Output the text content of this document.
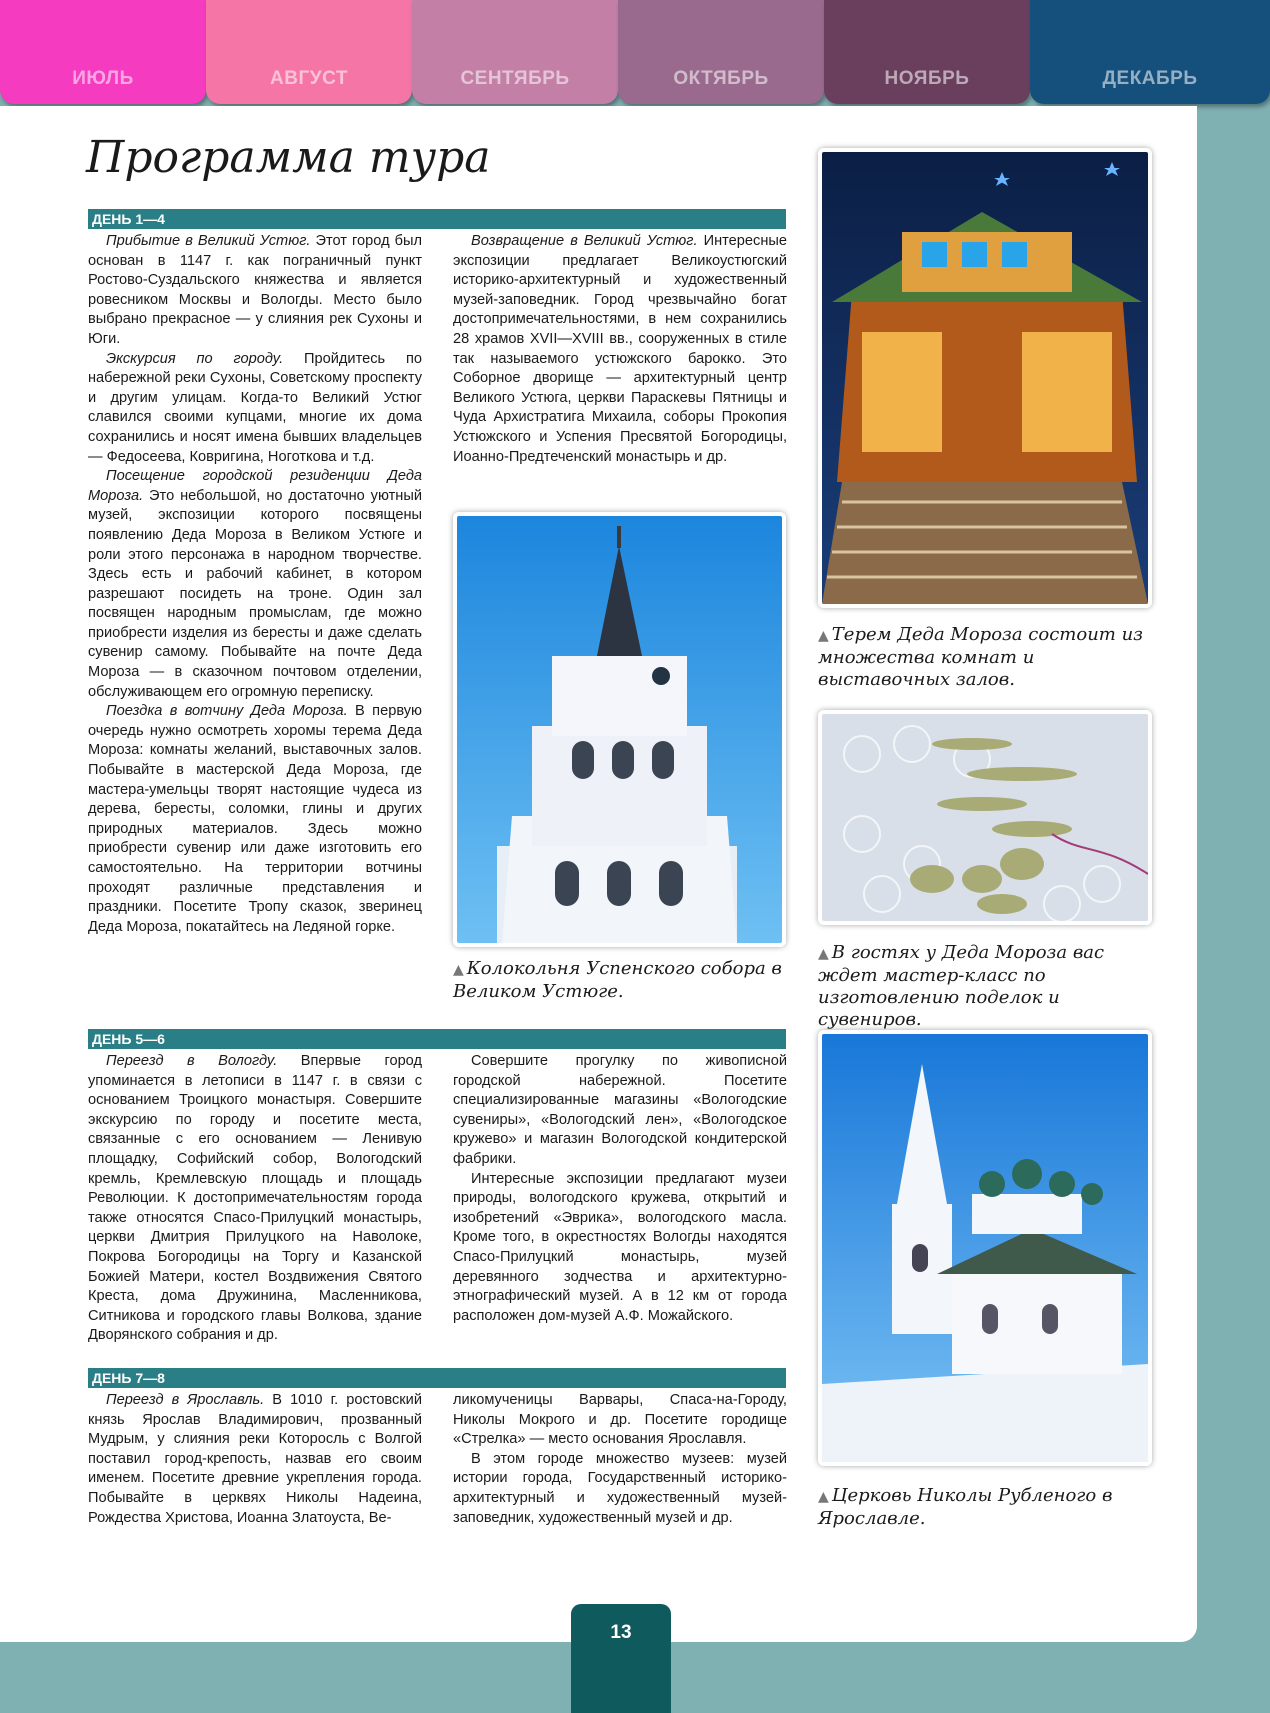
ИЮЛЬ	АВГУСТ	СЕНТЯБРЬ	ОКТЯБРЬ	НОЯБРЬ	ДЕКАБРЬ
Программа тура
ДЕНЬ 1—4

Прибытие в Великий Устюг. Этот город был основан в 1147 г. как пограничный пункт Ростово-Суздальского княжества и является ровесником Москвы и Вологды. Место было выбрано прекрасное — у слияния рек Сухоны и Юги.

Экскурсия по городу. Пройдитесь по набережной реки Сухоны, Советскому проспекту и другим улицам. Когда-то Великий Устюг славился своими купцами, многие их дома сохранились и носят имена бывших владельцев — Федосеева, Ковригина, Ноготкова и т.д.

Посещение городской резиденции Деда Мороза. Это небольшой, но достаточно уютный музей, экспозиции которого посвящены появлению Деда Мороза в Великом Устюге и роли этого персонажа в народном творчестве. Здесь есть и рабочий кабинет, в котором разрешают посидеть на троне. Один зал посвящен народным промыслам, где можно приобрести изделия из бересты и даже сделать сувенир самому. Побывайте на почте Деда Мороза — в сказочном почтовом отделении, обслуживающем его огромную переписку.

Поездка в вотчину Деда Мороза. В первую очередь нужно осмотреть хоромы терема Деда Мороза: комнаты желаний, выставочных залов. Побывайте в мастерской Деда Мороза, где мастера-умельцы творят настоящие чудеса из дерева, бересты, соломки, глины и других природных материалов. Здесь можно приобрести сувенир или даже изготовить его самостоятельно. На территории вотчины проходят различные представления и праздники. Посетите Тропу сказок, зверинец Деда Мороза, покатайтесь на Ледяной горке.

Возвращение в Великий Устюг. Интересные экспозиции предлагает Великоустюгский историко-архитектурный и художественный музей-заповедник. Город чрезвычайно богат достопримечательностями, в нем сохранились 28 храмов XVII—XVIII вв., сооруженных в стиле так называемого устюжского барокко. Это Соборное дворище — архитектурный центр Великого Устюга, церкви Параскевы Пятницы и Чуда Архистратига Михаила, соборы Прокопия Устюжского и Успения Пресвятой Богородицы, Иоанно-Предтеченский монастырь и др.

ДЕНЬ 5—6

Переезд в Вологду. Впервые город упоминается в летописи в 1147 г. в связи с основанием Троицкого монастыря. Совершите экскурсию по городу и посетите места, связанные с его основанием — Ленивую площадку, Софийский собор, Вологодский кремль, Кремлевскую площадь и площадь Революции. К достопримечательностям города также относятся Спасо-Прилуцкий монастырь, церкви Дмитрия Прилуцкого на Наволоке, Покрова Богородицы на Торгу и Казанской Божией Матери, костел Воздвижения Святого Креста, дома Дружинина, Масленникова, Ситникова и городского главы Волкова, здание Дворянского собрания и др.

Совершите прогулку по живописной городской набережной. Посетите специализированные магазины «Вологодские сувениры», «Вологодский лен», «Вологодское кружево» и магазин Вологодской кондитерской фабрики.

Интересные экспозиции предлагают музеи природы, вологодского кружева, открытий и изобретений «Эврика», вологодского масла. Кроме того, в окрестностях Вологды находятся Спасо-Прилуцкий монастырь, музей деревянного зодчества и архитектурно-этнографический музей. А в 12 км от города расположен дом-музей А.Ф. Можайского.

ДЕНЬ 7—8

Переезд в Ярославль. В 1010 г. ростовский князь Ярослав Владимирович, прозванный Мудрым, у слияния реки Которосль с Волгой поставил город-крепость, назвав его своим именем. Посетите древние укрепления города. Побывайте в церквях Николы Надеина, Рождества Христова, Иоанна Златоуста, Ве-

ликомученицы Варвары, Спаса-на-Городу, Николы Мокрого и др. Посетите городище «Стрелка» — место основания Ярославля.

В этом городе множество музеев: музей истории города, Государственный историко-архитектурный и художественный музей-заповедник, художественный музей и др.

▲ Колокольня Успенского собора в Великом Устюге.
▲ Терем Деда Мороза состоит из множества комнат и выставочных залов.
▲ В гостях у Деда Мороза вас ждет мастер-класс по изготовлению поделок и сувениров.
▲ Церковь Николы Рубленого в Ярославле.
13
